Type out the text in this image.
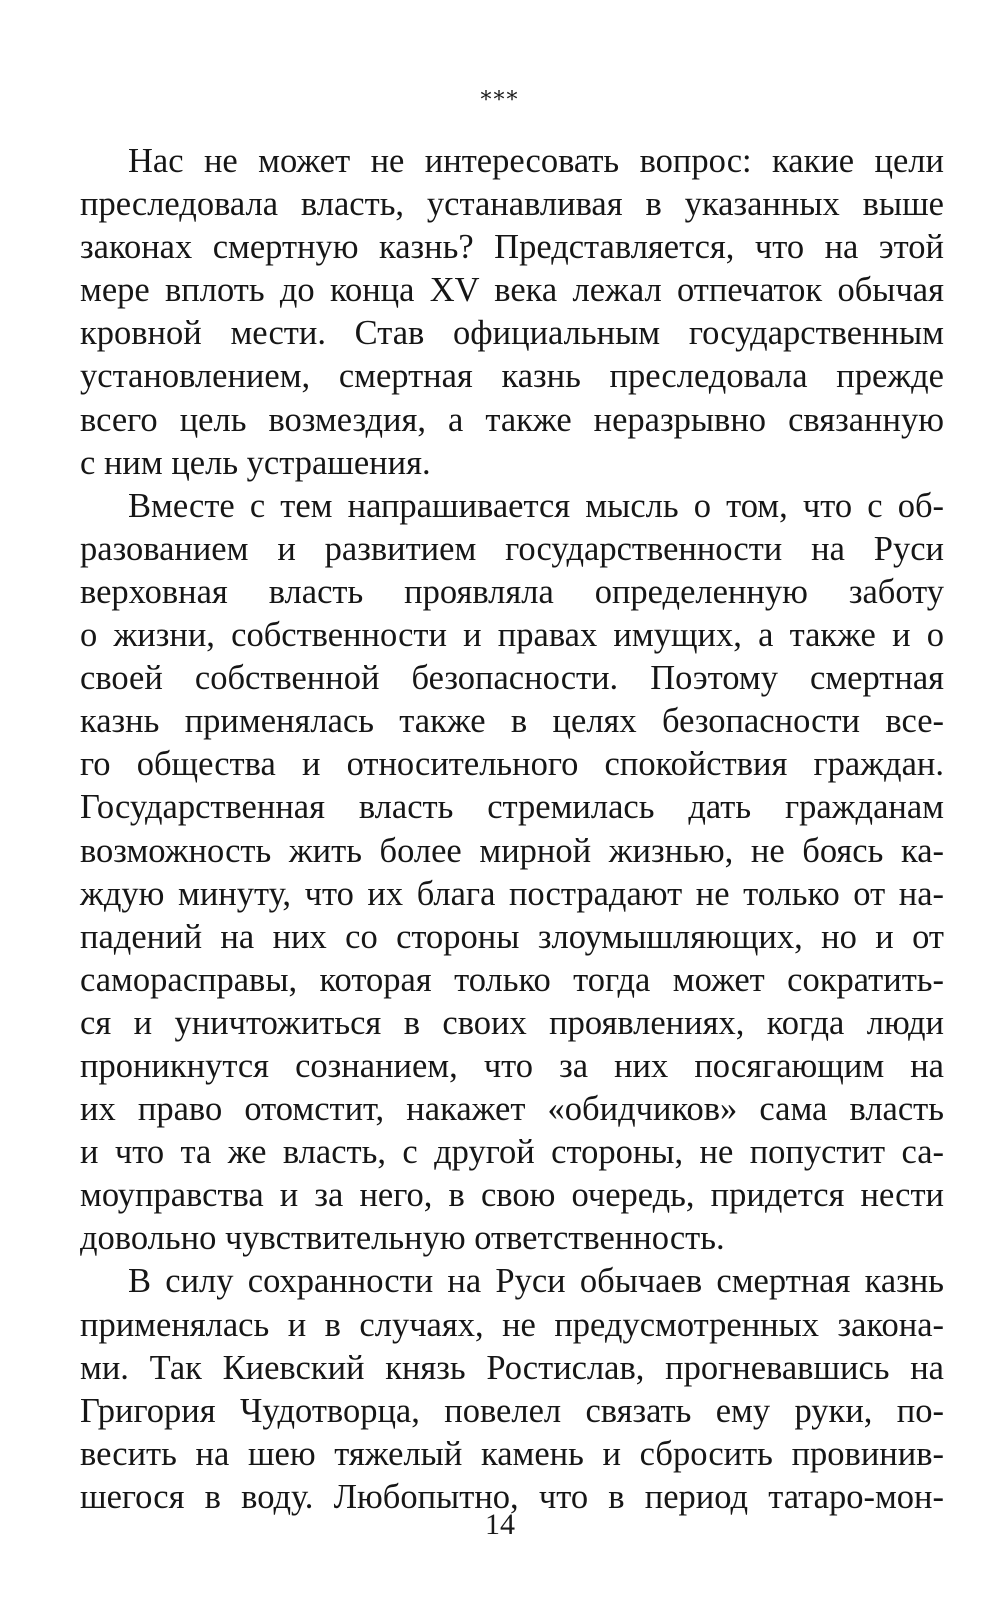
***
Нас не может не интересовать вопрос: какие цели
преследовала власть, устанавливая в указанных выше
законах смертную казнь? Представляется, что на этой
мере вплоть до конца XV века лежал отпечаток обычая
кровной мести. Став официальным государственным
установлением, смертная казнь преследовала прежде
всего цель возмездия, а также неразрывно связанную
с ним цель устрашения.
Вместе с тем напрашивается мысль о том, что с об-
разованием и развитием государственности на Руси
верховная власть проявляла определенную заботу
о жизни, собственности и правах имущих, а также и о
своей собственной безопасности. Поэтому смертная
казнь применялась также в целях безопасности все-
го общества и относительного спокойствия граждан.
Государственная власть стремилась дать гражданам
возможность жить более мирной жизнью, не боясь ка-
ждую минуту, что их блага пострадают не только от на-
падений на них со стороны злоумышляющих, но и от
саморасправы, которая только тогда может сократить-
ся и уничтожиться в своих проявлениях, когда люди
проникнутся сознанием, что за них посягающим на
их право отомстит, накажет «обидчиков» сама власть
и что та же власть, с другой стороны, не попустит са-
моуправства и за него, в свою очередь, придется нести
довольно чувствительную ответственность.
В силу сохранности на Руси обычаев смертная казнь
применялась и в случаях, не предусмотренных закона-
ми. Так Киевский князь Ростислав, прогневавшись на
Григория Чудотворца, повелел связать ему руки, по-
весить на шею тяжелый камень и сбросить провинив-
шегося в воду. Любопытно, что в период татаро-мон-
14
